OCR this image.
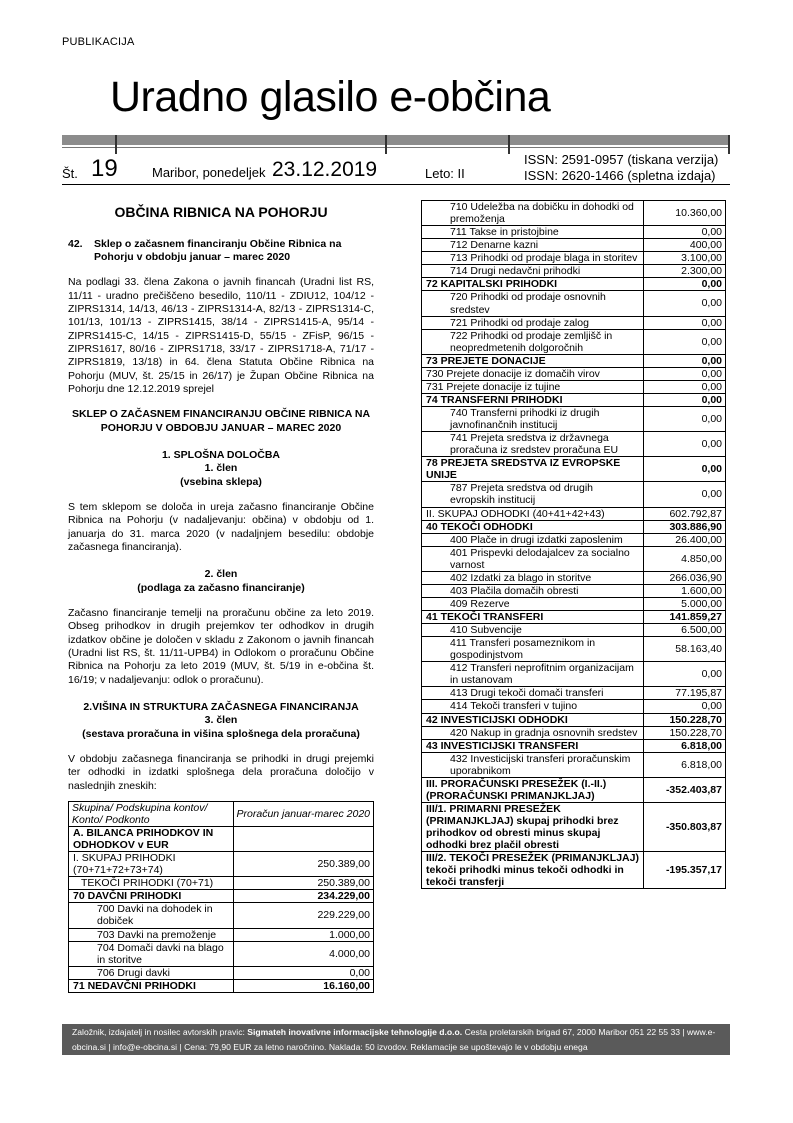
PUBLIKACIJA
Uradno glasilo e-občina
Št. 19	Maribor, ponedeljek 23.12.2019	Leto: II
ISSN: 2591-0957 (tiskana verzija)
ISSN: 2620-1466 (spletna izdaja)
OBČINA RIBNICA NA POHORJU
42.	Sklep o začasnem financiranju Občine Ribnica na Pohorju v obdobju januar – marec 2020

Na podlagi 33. člena Zakona o javnih financah (Uradni list RS, 11/11 - uradno prečiščeno besedilo, 110/11 - ZDIU12, 104/12 - ZIPRS1314, 14/13, 46/13 - ZIPRS1314-A, 82/13 - ZIPRS1314-C, 101/13, 101/13 - ZIPRS1415, 38/14 - ZIPRS1415-A, 95/14 - ZIPRS1415-C, 14/15 - ZIPRS1415-D, 55/15 - ZFisP, 96/15 - ZIPRS1617, 80/16 - ZIPRS1718, 33/17 - ZIPRS1718-A, 71/17 - ZIPRS1819, 13/18) in 64. člena Statuta Občine Ribnica na Pohorju (MUV, št. 25/15 in 26/17) je Župan Občine Ribnica na Pohorju dne 12.12.2019 sprejel

SKLEP O ZAČASNEM FINANCIRANJU OBČINE RIBNICA NA POHORJU V OBDOBJU JANUAR – MAREC 2020

1. SPLOŠNA DOLOČBA

1. člen

(vsebina sklepa)

S tem sklepom se določa in ureja začasno financiranje Občine Ribnica na Pohorju (v nadaljevanju: občina) v obdobju od 1. januarja do 31. marca 2020 (v nadaljnjem besedilu: obdobje začasnega financiranja).

2. člen

(podlaga za začasno financiranje)

Začasno financiranje temelji na proračunu občine za leto 2019. Obseg prihodkov in drugih prejemkov ter odhodkov in drugih izdatkov občine je določen v skladu z Zakonom o javnih financah (Uradni list RS, št. 11/11-UPB4) in Odlokom o proračunu Občine Ribnica na Pohorju za leto 2019 (MUV, št. 5/19 in e-občina št. 16/19; v nadaljevanju: odlok o proračunu).

2.VIŠINA IN STRUKTURA ZAČASNEGA FINANCIRANJA

3. člen

(sestava proračuna in višina splošnega dela proračuna)

V obdobju začasnega financiranja se prihodki in drugi prejemki ter odhodki in izdatki splošnega dela proračuna določijo v naslednjih zneskih:

Skupina/ Podskupina kontov/ Konto/ Podkonto	Proračun januar-marec 2020
A. BILANCA PRIHODKOV IN ODHODKOV v EUR	
I. SKUPAJ PRIHODKI (70+71+72+73+74)	250.389,00
TEKOČI PRIHODKI (70+71)	250.389,00
70 DAVČNI PRIHODKI	234.229,00
700 Davki na dohodek in dobiček	229.229,00
703 Davki na premoženje	1.000,00
704 Domači davki na blago in storitve	4.000,00
706 Drugi davki	0,00
71 NEDAVČNI PRIHODKI	16.160,00
710 Udeležba na dobičku in dohodki od premoženja	10.360,00
711 Takse in pristojbine	0,00
712 Denarne kazni	400,00
713 Prihodki od prodaje blaga in storitev	3.100,00
714 Drugi nedavčni prihodki	2.300,00
72 KAPITALSKI PRIHODKI	0,00
720 Prihodki od prodaje osnovnih sredstev	0,00
721 Prihodki od prodaje zalog	0,00
722 Prihodki od prodaje zemljišč in neopredmetenih dolgoročnih	0,00
73 PREJETE DONACIJE	0,00
730 Prejete donacije iz domačih virov	0,00
731 Prejete donacije iz tujine	0,00
74 TRANSFERNI PRIHODKI	0,00
740 Transferni prihodki iz drugih javnofinančnih institucij	0,00
741 Prejeta sredstva iz državnega proračuna iz sredstev proračuna EU	0,00
78 PREJETA SREDSTVA IZ EVROPSKE UNIJE	0,00
787 Prejeta sredstva od drugih evropskih institucij	0,00
II. SKUPAJ ODHODKI (40+41+42+43)	602.792,87
40 TEKOČI ODHODKI	303.886,90
400 Plače in drugi izdatki zaposlenim	26.400,00
401 Prispevki delodajalcev za socialno varnost	4.850,00
402 Izdatki za blago in storitve	266.036,90
403 Plačila domačih obresti	1.600,00
409 Rezerve	5.000,00
41 TEKOČI TRANSFERI	141.859,27
410 Subvencije	6.500,00
411 Transferi posameznikom in gospodinjstvom	58.163,40
412 Transferi neprofitnim organizacijam in ustanovam	0,00
413 Drugi tekoči domači transferi	77.195,87
414 Tekoči transferi v tujino	0,00
42 INVESTICIJSKI ODHODKI	150.228,70
420 Nakup in gradnja osnovnih sredstev	150.228,70
43 INVESTICIJSKI TRANSFERI	6.818,00
432 Investicijski transferi proračunskim uporabnikom	6.818,00
III. PRORAČUNSKI PRESEŽEK (I.-II.) (PRORAČUNSKI PRIMANJKLJAJ)	-352.403,87
III/1. PRIMARNI PRESEŽEK (PRIMANJKLJAJ) skupaj prihodki brez prihodkov od obresti minus skupaj odhodki brez plačil obresti	-350.803,87
III/2. TEKOČI PRESEŽEK (PRIMANJKLJAJ) tekoči prihodki minus tekoči odhodki in tekoči transferji	-195.357,17
Založnik, izdajatelj in nosilec avtorskih pravic: Sigmateh inovativne informacijske tehnologije d.o.o. Cesta proletarskih brigad 67, 2000 Maribor 051 22 55 33 | www.e-obcina.si | info@e-obcina.si | Cena: 79,90 EUR za letno naročnino. Naklada: 50 izvodov. Reklamacije se upoštevajo le v obdobju enega
